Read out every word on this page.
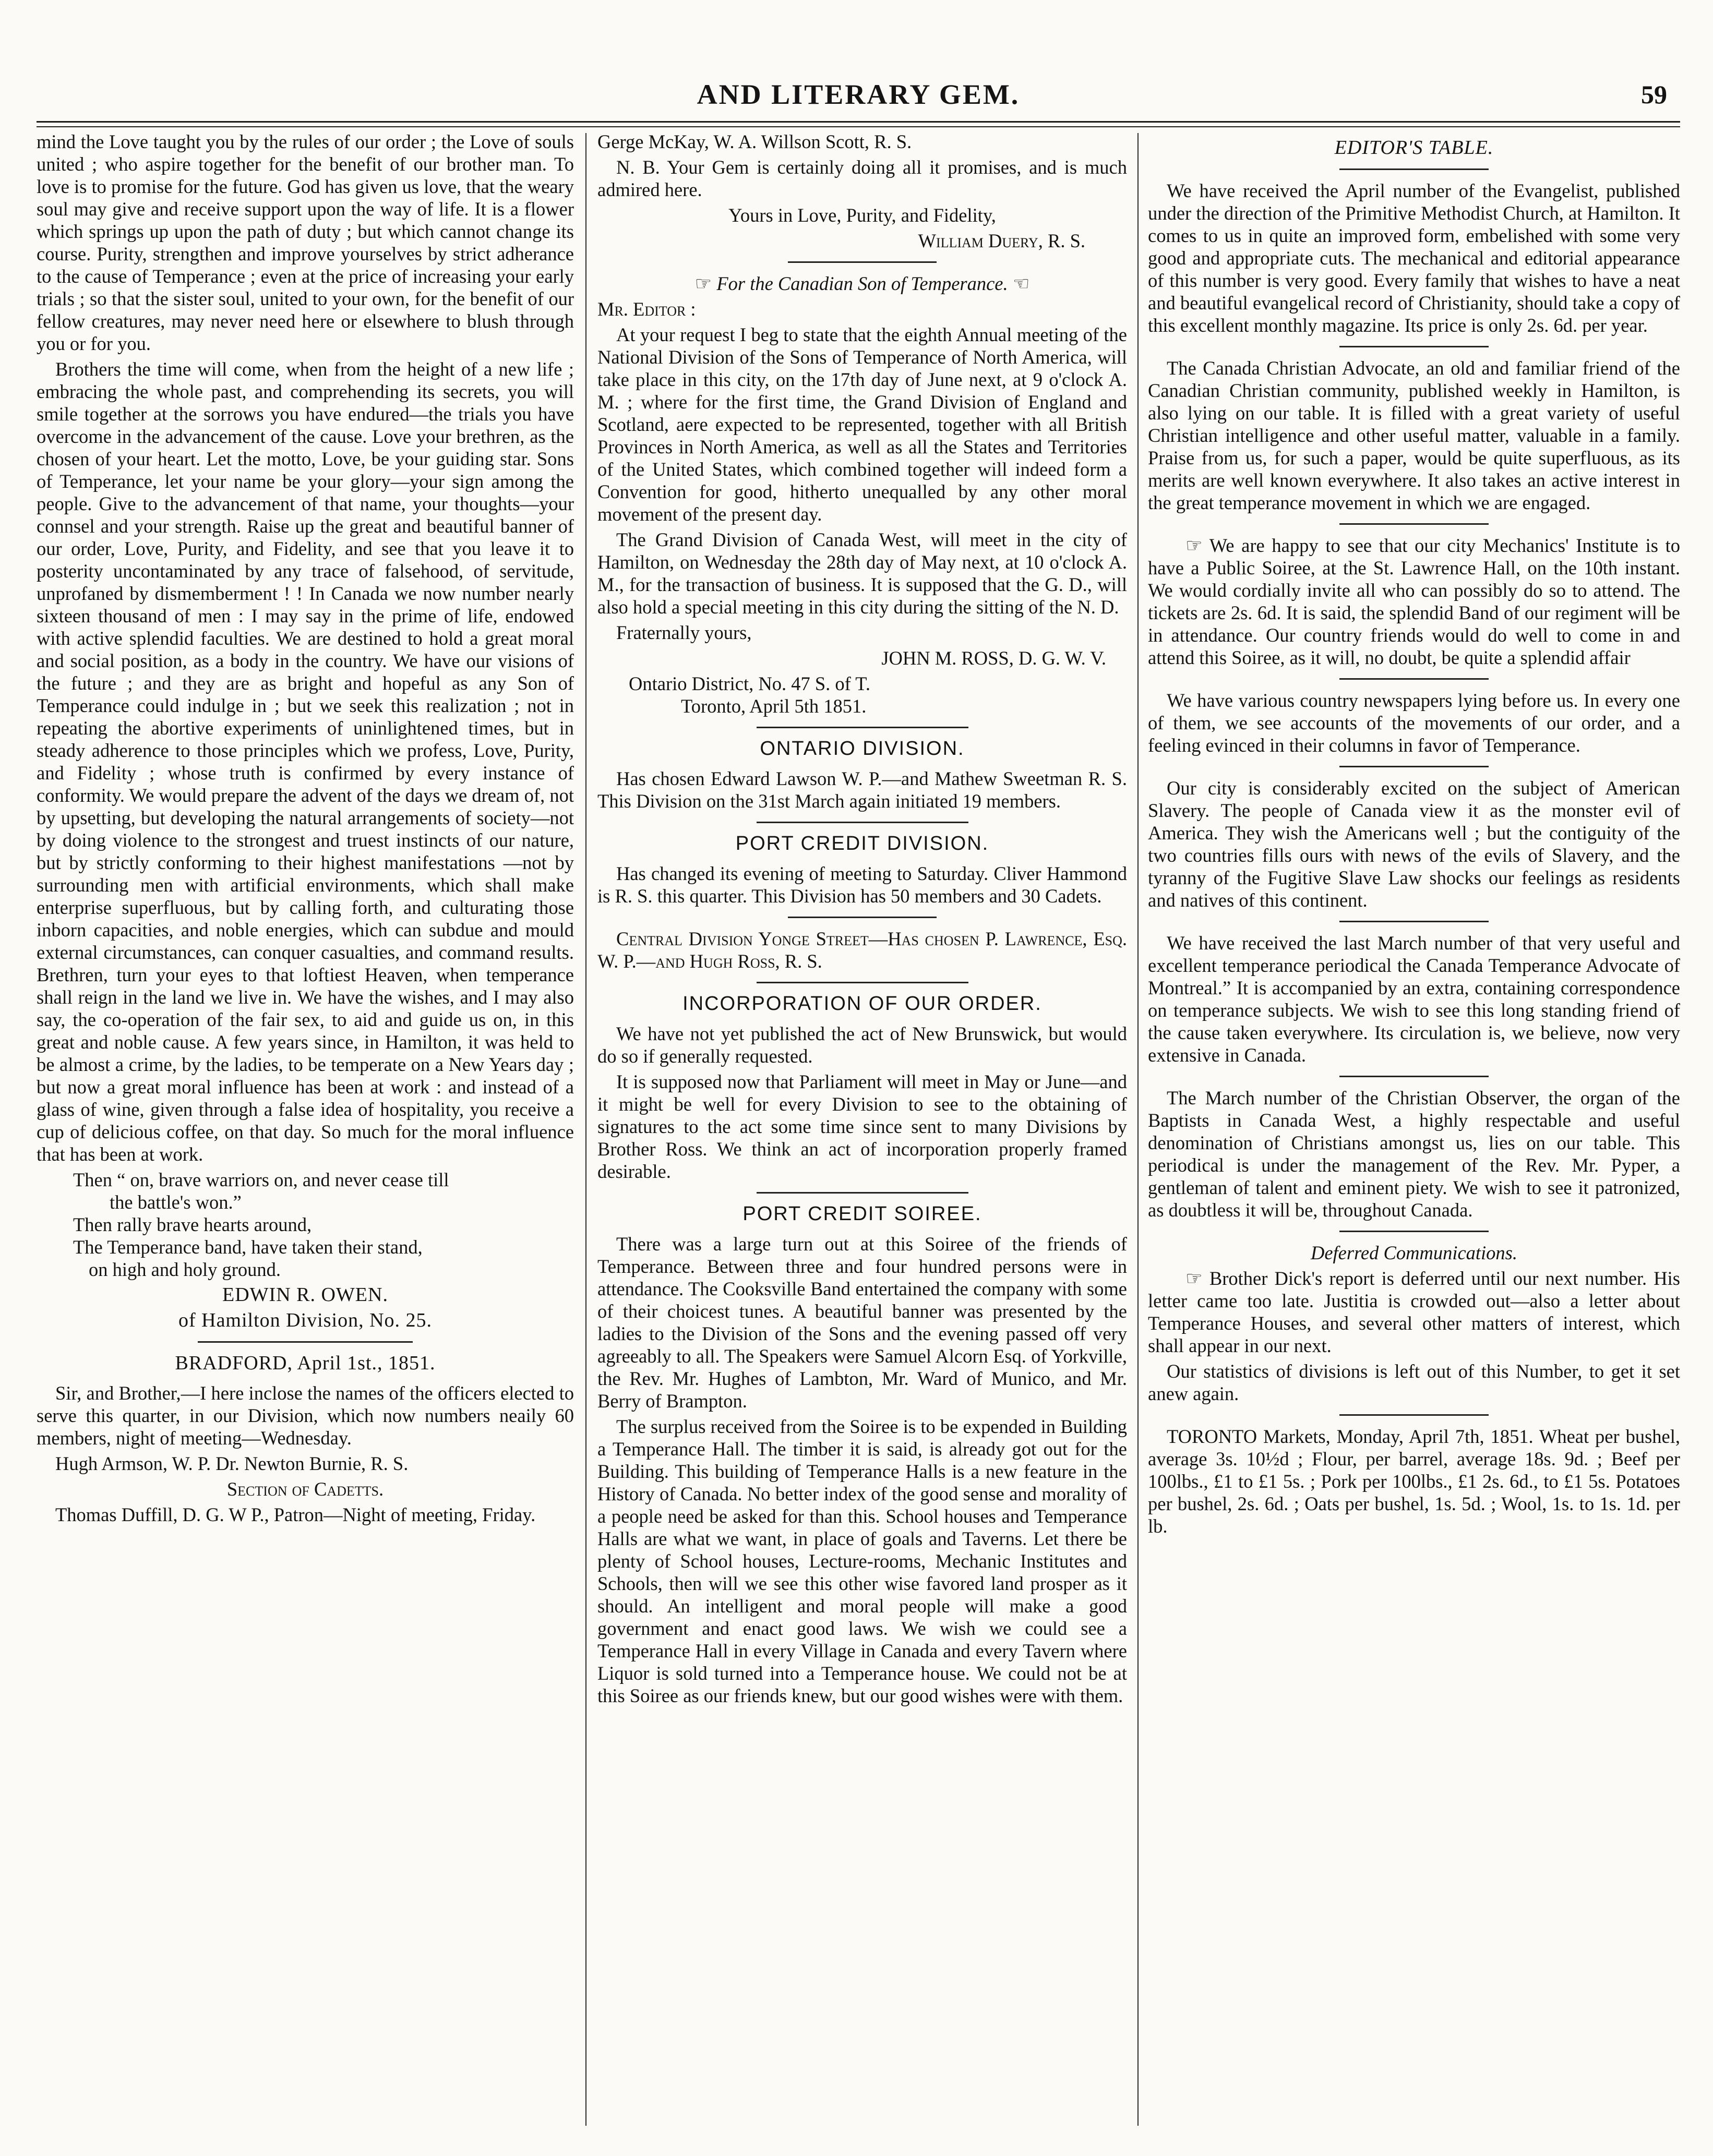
AND LITERARY GEM.	59

mind the Love taught you by the rules of our order ; the Love of souls united ; who aspire together for the benefit of our brother man. To love is to promise for the future. God has given us love, that the weary soul may give and receive support upon the way of life. It is a flower which springs up upon the path of duty ; but which cannot change its course. Purity, strengthen and improve yourselves by strict adherance to the cause of Temperance ; even at the price of increasing your early trials ; so that the sister soul, united to your own, for the benefit of our fellow creatures, may never need here or elsewhere to blush through you or for you.

Brothers the time will come, when from the height of a new life ; embracing the whole past, and comprehending its secrets, you will smile together at the sorrows you have endured—the trials you have overcome in the advancement of the cause. Love your brethren, as the chosen of your heart. Let the motto, Love, be your guiding star. Sons of Temperance, let your name be your glory—your sign among the people. Give to the advancement of that name, your thoughts—your connsel and your strength. Raise up the great and beautiful banner of our order, Love, Purity, and Fidelity, and see that you leave it to posterity uncontaminated by any trace of falsehood, of servitude, unprofaned by dismemberment ! ! In Canada we now number nearly sixteen thousand of men : I may say in the prime of life, endowed with active splendid faculties. We are destined to hold a great moral and social position, as a body in the country. We have our visions of the future ; and they are as bright and hopeful as any Son of Temperance could indulge in ; but we seek this realization ; not in repeating the abortive experiments of uninlightened times, but in steady adherence to those principles which we profess, Love, Purity, and Fidelity ; whose truth is confirmed by every instance of conformity. We would prepare the advent of the days we dream of, not by upsetting, but developing the natural arrangements of society—not by doing violence to the strongest and truest instincts of our nature, but by strictly conforming to their highest manifestations —not by surrounding men with artificial environments, which shall make enterprise superfluous, but by calling forth, and culturating those inborn capacities, and noble energies, which can subdue and mould external circumstances, can conquer casualties, and command results. Brethren, turn your eyes to that loftiest Heaven, when temperance shall reign in the land we live in. We have the wishes, and I may also say, the co-operation of the fair sex, to aid and guide us on, in this great and noble cause. A few years since, in Hamilton, it was held to be almost a crime, by the ladies, to be temperate on a New Years day ; but now a great moral influence has been at work : and instead of a glass of wine, given through a false idea of hospitality, you receive a cup of delicious coffee, on that day. So much for the moral influence that has been at work.

Then “ on, brave warriors on, and never cease till

the battle's won.”

Then rally brave hearts around,

The Temperance band, have taken their stand,

on high and holy ground.

EDWIN R. OWEN.

of Hamilton Division, No. 25.

BRADFORD, April 1st., 1851.

Sir, and Brother,—I here inclose the names of the officers elected to serve this quarter, in our Division, which now numbers neaily 60 members, night of meeting—Wednesday.

Hugh Armson, W. P. Dr. Newton Burnie, R. S.

Section of Cadetts.

Thomas Duffill, D. G. W P., Patron—Night of meeting, Friday.

Gerge McKay, W. A. Willson Scott, R. S.

N. B. Your Gem is certainly doing all it promises, and is much admired here.

Yours in Love, Purity, and Fidelity,

William Duery, R. S.

☞ For the Canadian Son of Temperance. ☜

Mr. Editor :

At your request I beg to state that the eighth Annual meeting of the National Division of the Sons of Temperance of North America, will take place in this city, on the 17th day of June next, at 9 o'clock A. M. ; where for the first time, the Grand Division of England and Scotland, aere expected to be represented, together with all British Provinces in North America, as well as all the States and Territories of the United States, which combined together will indeed form a Convention for good, hitherto unequalled by any other moral movement of the present day.

The Grand Division of Canada West, will meet in the city of Hamilton, on Wednesday the 28th day of May next, at 10 o'clock A. M., for the transaction of business. It is supposed that the G. D., will also hold a special meeting in this city during the sitting of the N. D.

Fraternally yours,

JOHN M. ROSS, D. G. W. V.

Ontario District, No. 47 S. of T.

Toronto, April 5th 1851.

ONTARIO DIVISION.

Has chosen Edward Lawson W. P.—and Mathew Sweetman R. S. This Division on the 31st March again initiated 19 members.

PORT CREDIT DIVISION.

Has changed its evening of meeting to Saturday. Cliver Hammond is R. S. this quarter. This Division has 50 members and 30 Cadets.

Central Division Yonge Street—Has chosen P. Lawrence, Esq. W. P.—and Hugh Ross, R. S.

INCORPORATION OF OUR ORDER.

We have not yet published the act of New Brunswick, but would do so if generally requested.

It is supposed now that Parliament will meet in May or June—and it might be well for every Division to see to the obtaining of signatures to the act some time since sent to many Divisions by Brother Ross. We think an act of incorporation properly framed desirable.

PORT CREDIT SOIREE.

There was a large turn out at this Soiree of the friends of Temperance. Between three and four hundred persons were in attendance. The Cooksville Band entertained the company with some of their choicest tunes. A beautiful banner was presented by the ladies to the Division of the Sons and the evening passed off very agreeably to all. The Speakers were Samuel Alcorn Esq. of Yorkville, the Rev. Mr. Hughes of Lambton, Mr. Ward of Munico, and Mr. Berry of Brampton.

The surplus received from the Soiree is to be expended in Building a Temperance Hall. The timber it is said, is already got out for the Building. This building of Temperance Halls is a new feature in the History of Canada. No better index of the good sense and morality of a people need be asked for than this. School houses and Temperance Halls are what we want, in place of goals and Taverns. Let there be plenty of School houses, Lecture-rooms, Mechanic Institutes and Schools, then will we see this other wise favored land prosper as it should. An intelligent and moral people will make a good government and enact good laws. We wish we could see a Temperance Hall in every Village in Canada and every Tavern where Liquor is sold turned into a Temperance house. We could not be at this Soiree as our friends knew, but our good wishes were with them.

EDITOR'S TABLE.

We have received the April number of the Evangelist, published under the direction of the Primitive Methodist Church, at Hamilton. It comes to us in quite an improved form, embelished with some very good and appropriate cuts. The mechanical and editorial appearance of this number is very good. Every family that wishes to have a neat and beautiful evangelical record of Christianity, should take a copy of this excellent monthly magazine. Its price is only 2s. 6d. per year.

The Canada Christian Advocate, an old and familiar friend of the Canadian Christian community, published weekly in Hamilton, is also lying on our table. It is filled with a great variety of useful Christian intelligence and other useful matter, valuable in a family. Praise from us, for such a paper, would be quite superfluous, as its merits are well known everywhere. It also takes an active interest in the great temperance movement in which we are engaged.

☞ We are happy to see that our city Mechanics' Institute is to have a Public Soiree, at the St. Lawrence Hall, on the 10th instant. We would cordially invite all who can possibly do so to attend. The tickets are 2s. 6d. It is said, the splendid Band of our regiment will be in attendance. Our country friends would do well to come in and attend this Soiree, as it will, no doubt, be quite a splendid affair

We have various country newspapers lying before us. In every one of them, we see accounts of the movements of our order, and a feeling evinced in their columns in favor of Temperance.

Our city is considerably excited on the subject of American Slavery. The people of Canada view it as the monster evil of America. They wish the Americans well ; but the contiguity of the two countries fills ours with news of the evils of Slavery, and the tyranny of the Fugitive Slave Law shocks our feelings as residents and natives of this continent.

We have received the last March number of that very useful and excellent temperance periodical the Canada Temperance Advocate of Montreal.” It is accompanied by an extra, containing correspondence on temperance subjects. We wish to see this long standing friend of the cause taken everywhere. Its circulation is, we believe, now very extensive in Canada.

The March number of the Christian Observer, the organ of the Baptists in Canada West, a highly respectable and useful denomination of Christians amongst us, lies on our table. This periodical is under the management of the Rev. Mr. Pyper, a gentleman of talent and eminent piety. We wish to see it patronized, as doubtless it will be, throughout Canada.

Deferred Communications.

☞ Brother Dick's report is deferred until our next number. His letter came too late. Justitia is crowded out—also a letter about Temperance Houses, and several other matters of interest, which shall appear in our next.

Our statistics of divisions is left out of this Number, to get it set anew again.

TORONTO Markets, Monday, April 7th, 1851. Wheat per bushel, average 3s. 10½d ; Flour, per barrel, average 18s. 9d. ; Beef per 100lbs., £1 to £1 5s. ; Pork per 100lbs., £1 2s. 6d., to £1 5s. Potatoes per bushel, 2s. 6d. ; Oats per bushel, 1s. 5d. ; Wool, 1s. to 1s. 1d. per lb.
